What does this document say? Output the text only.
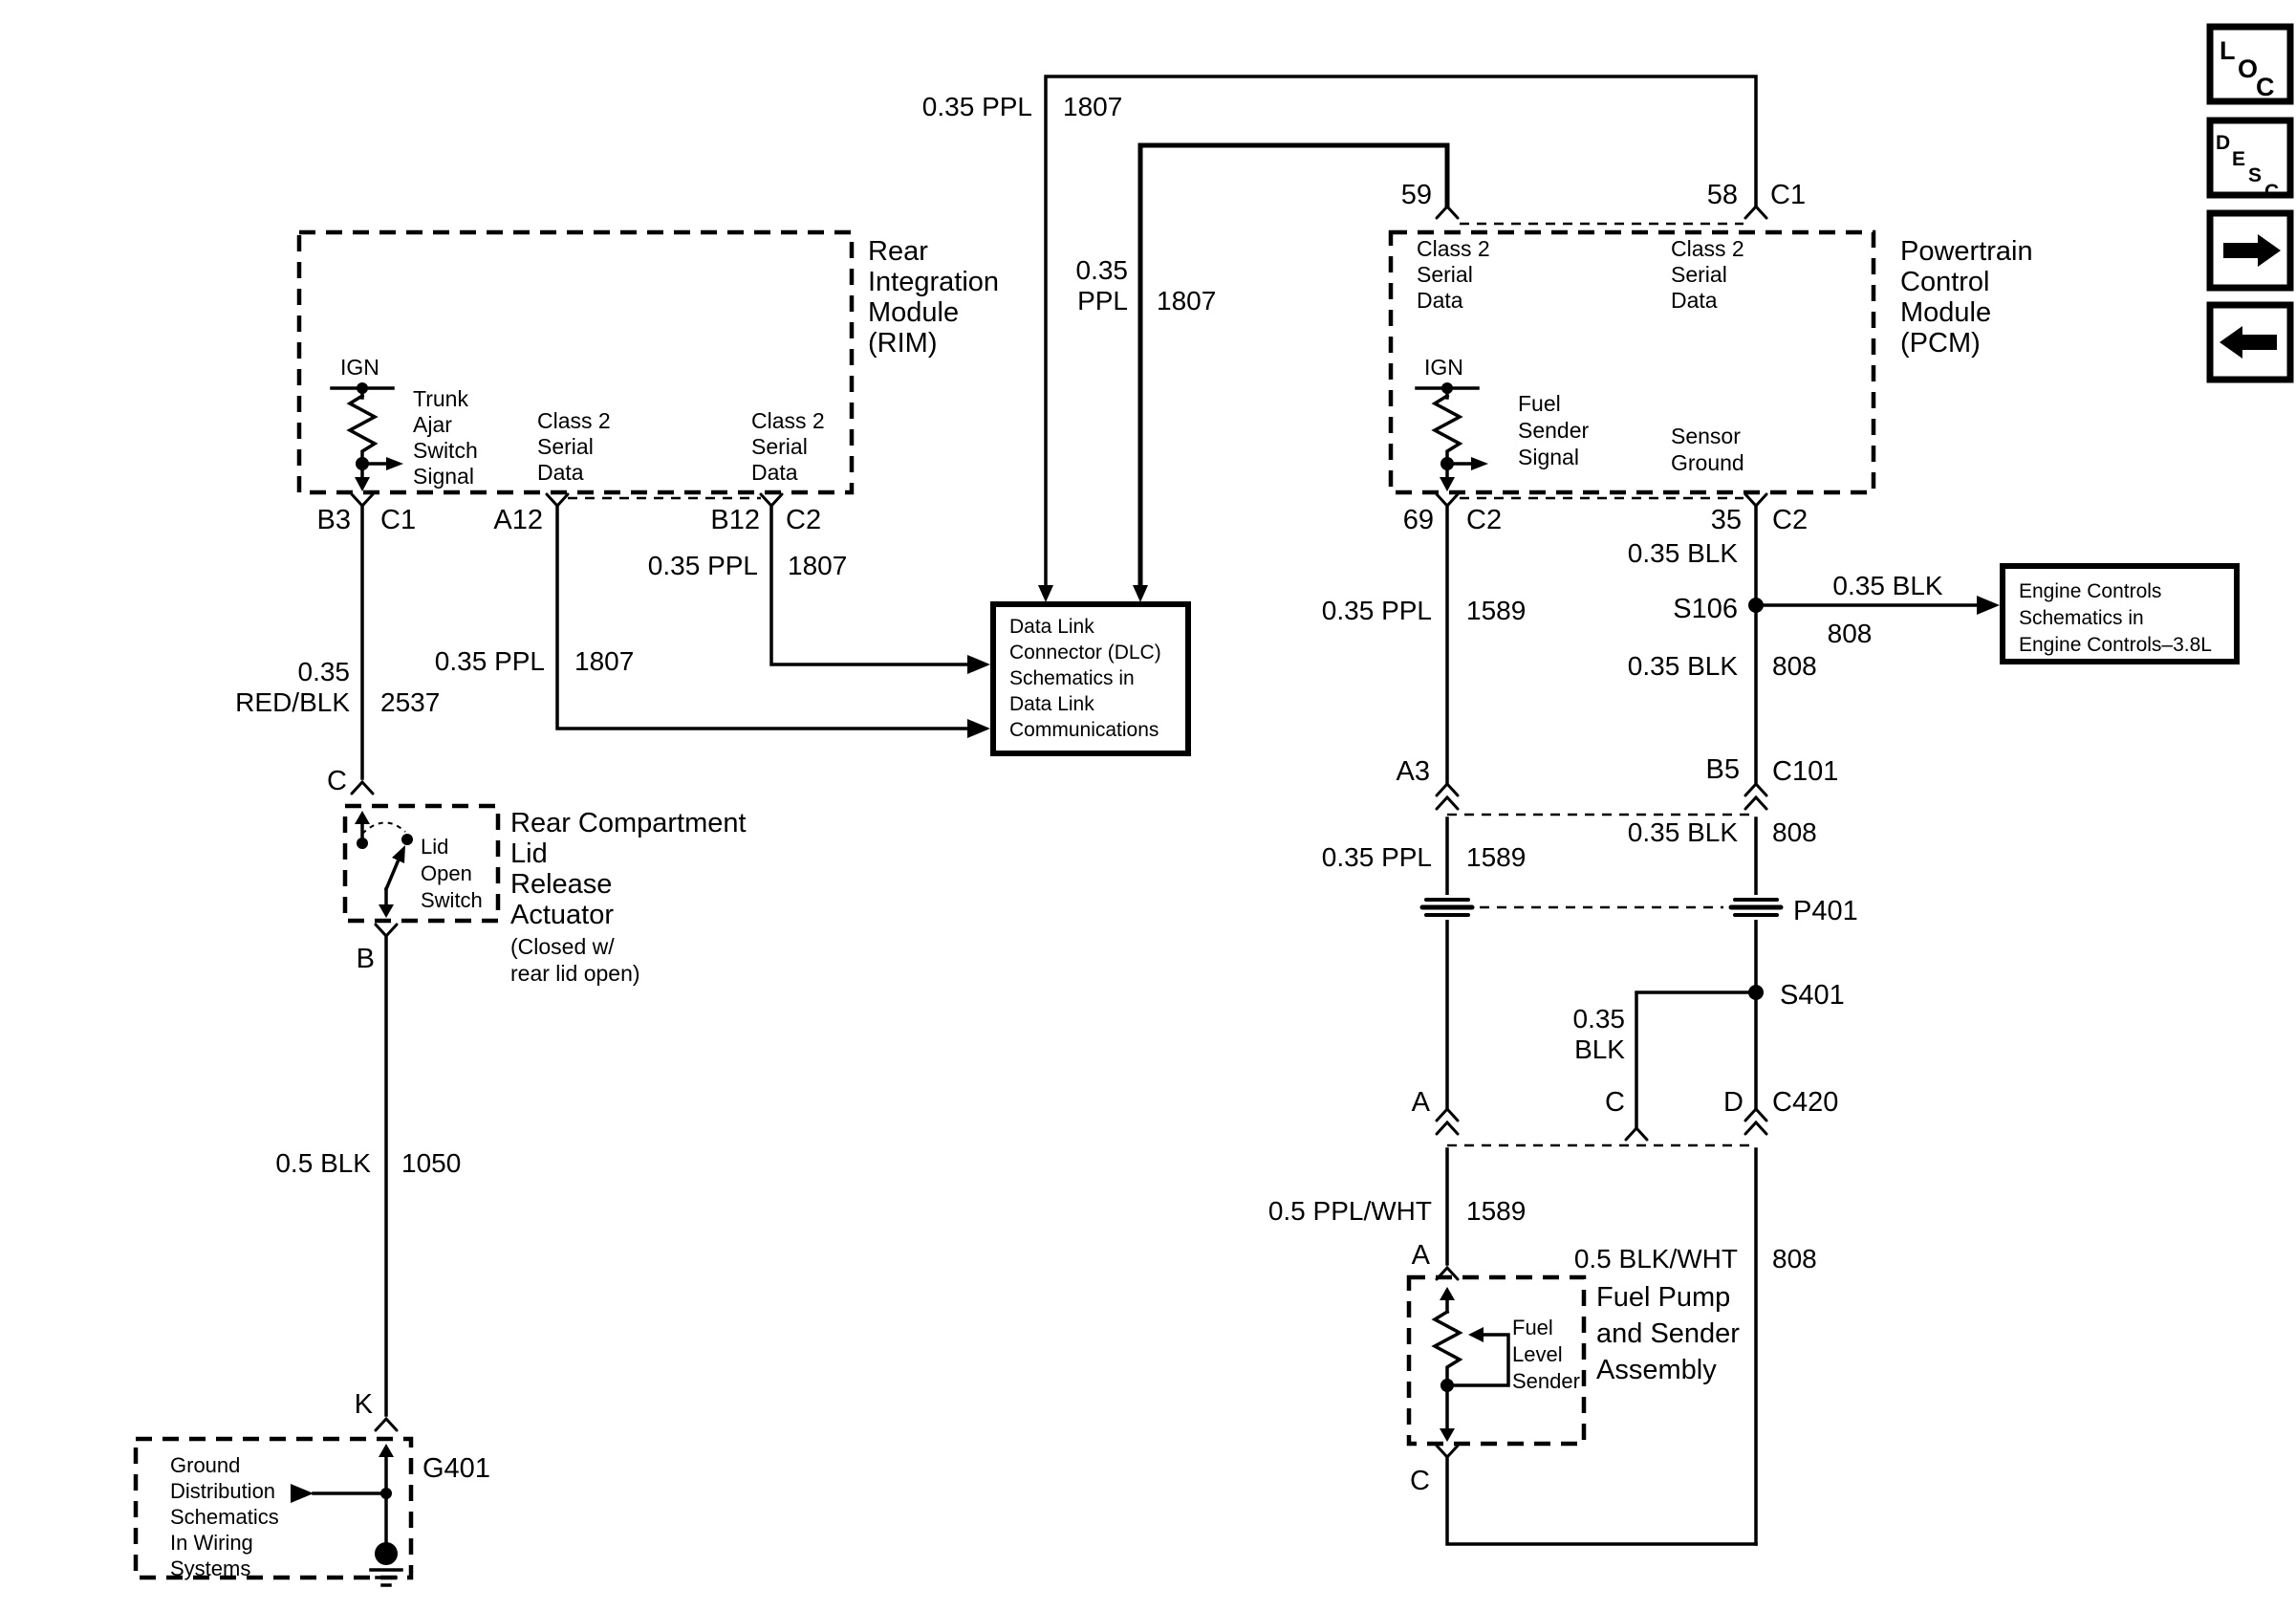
0.35 PPL 1807
0.35
PPL 1807
Rear
Integration
Module
(RIM)
IGN
Trunk
Ajar
Switch
Signal
Class 2
Serial
Data
Class 2
Serial
Data
B3 C1	A12	B12 C2
0.35 PPL 1807
0.35 PPL 1807
Data Link
Connector (DLC)
Schematics in
Data Link
Communications
0.35
RED/BLK 2537
C
Lid
Open
Switch
Rear Compartment
Lid
Release
Actuator
(Closed w/
rear lid open)
B
0.5 BLK 1050
K
G401
Ground
Distribution
Schematics
In Wiring
Systems
59	58 C1
Powertrain
Control
Module
(PCM)
Class 2
Serial
Data
Class 2
Serial
Data
IGN
Fuel
Sender
Signal
Sensor
Ground
69 C2	35 C2
0.35 PPL 1589
0.35 PPL 1589
0.5 PPL/WHT 1589
0.35 BLK
S106
0.35 BLK 808
0.35 BLK 808
0.5 BLK/WHT 808
0.35 BLK
808
Engine Controls
Schematics in
Engine Controls–3.8L
A3	B5 C101
P401
S401
0.35
BLK
A	C	D C420
A
Fuel
Level
Sender
Fuel Pump
and Sender
Assembly
C
L
O
C
D
E
S
C
